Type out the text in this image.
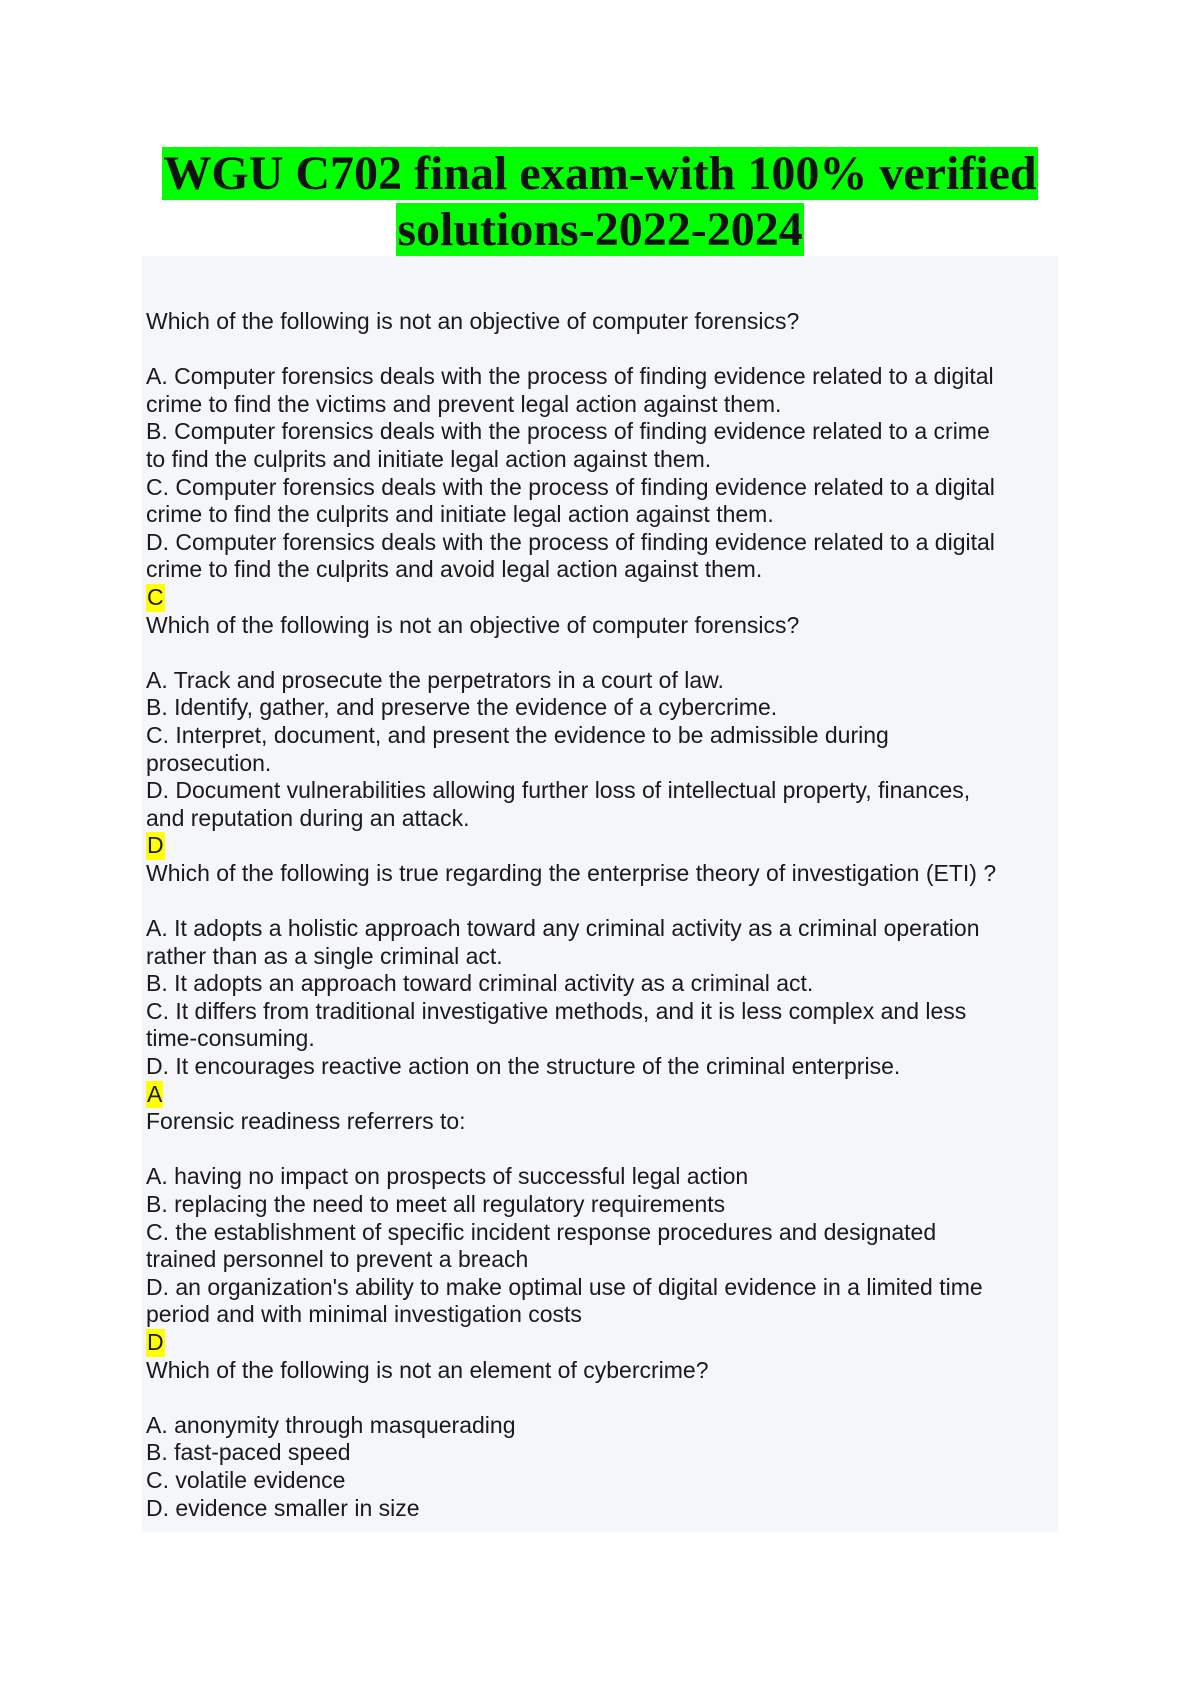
WGU C702 final exam-with 100% verified
solutions-2022-2024

Which of the following is not an objective of computer forensics?

A. Computer forensics deals with the process of finding evidence related to a digital

crime to find the victims and prevent legal action against them.

B. Computer forensics deals with the process of finding evidence related to a crime

to find the culprits and initiate legal action against them.

C. Computer forensics deals with the process of finding evidence related to a digital

crime to find the culprits and initiate legal action against them.

D. Computer forensics deals with the process of finding evidence related to a digital

crime to find the culprits and avoid legal action against them.

C

Which of the following is not an objective of computer forensics?

A. Track and prosecute the perpetrators in a court of law.

B. Identify, gather, and preserve the evidence of a cybercrime.

C. Interpret, document, and present the evidence to be admissible during

prosecution.

D. Document vulnerabilities allowing further loss of intellectual property, finances,

and reputation during an attack.

D

Which of the following is true regarding the enterprise theory of investigation (ETI) ?

A. It adopts a holistic approach toward any criminal activity as a criminal operation

rather than as a single criminal act.

B. It adopts an approach toward criminal activity as a criminal act.

C. It differs from traditional investigative methods, and it is less complex and less

time-consuming.

D. It encourages reactive action on the structure of the criminal enterprise.

A

Forensic readiness referrers to:

A. having no impact on prospects of successful legal action

B. replacing the need to meet all regulatory requirements

C. the establishment of specific incident response procedures and designated

trained personnel to prevent a breach

D. an organization's ability to make optimal use of digital evidence in a limited time

period and with minimal investigation costs

D

Which of the following is not an element of cybercrime?

A. anonymity through masquerading

B. fast-paced speed

C. volatile evidence

D. evidence smaller in size
